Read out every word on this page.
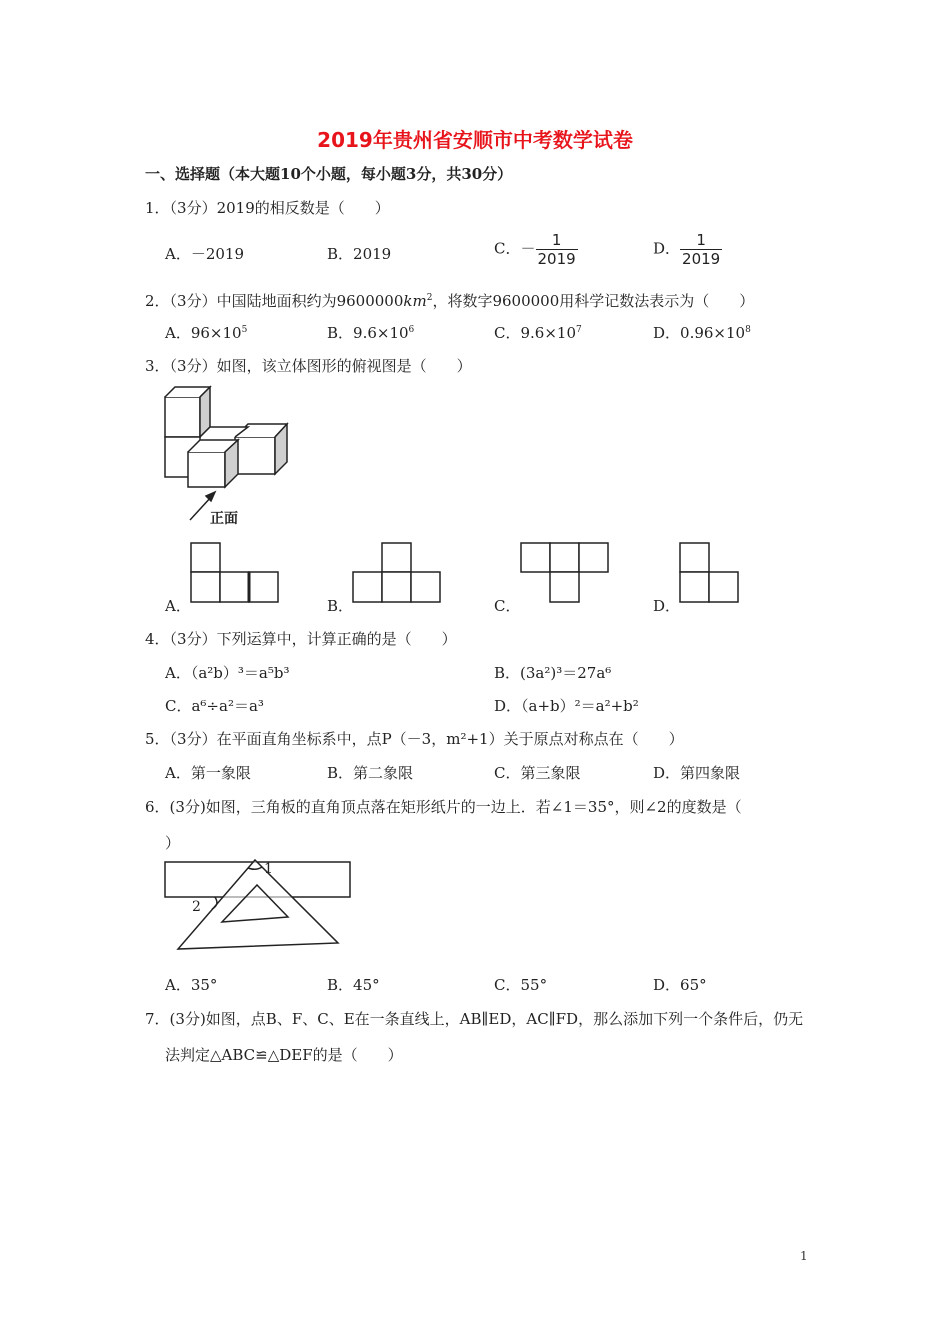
2019年贵州省安顺市中考数学试卷
一、选择题（本大题10个小题，每小题3分，共30分）
1．（3分）2019的相反数是（　　）
A．－2019	B．2019	C．－ $\frac{1}{2019}$	D． $\frac{1}{2019}$
2．（3分）中国陆地面积约为$9600000km^2$，将数字9600000用科学记数法表示为（　　）
A．$96\times 10^5$	B．$9.6\times 10^6$	C．$9.6\times 10^7$	D．$0.96\times 10^8$
3．（3分）如图，该立体图形的俯视图是（　　）
正面
A．	B．	C．	D．
4．（3分）下列运算中，计算正确的是（　　）
A．（a²b）³＝a⁵b³	B．(3a²)³＝27a⁶
C．a⁶÷a²＝a³	D．（a+b）²＝a²+b²
5．（3分）在平面直角坐标系中，点P（－3，m²+1）关于原点对称点在（　　）
A．第一象限	B．第二象限	C．第三象限	D．第四象限
6．(3分)如图，三角板的直角顶点落在矩形纸片的一边上．若∠1＝35°，则∠2的度数是（
）
1
2
A．35°	B．45°	C．55°	D．65°
7．(3分)如图，点B、F、C、E在一条直线上，AB∥ED，AC∥FD，那么添加下列一个条件后，仍无
法判定△ABC≌△DEF的是（　　）
1
